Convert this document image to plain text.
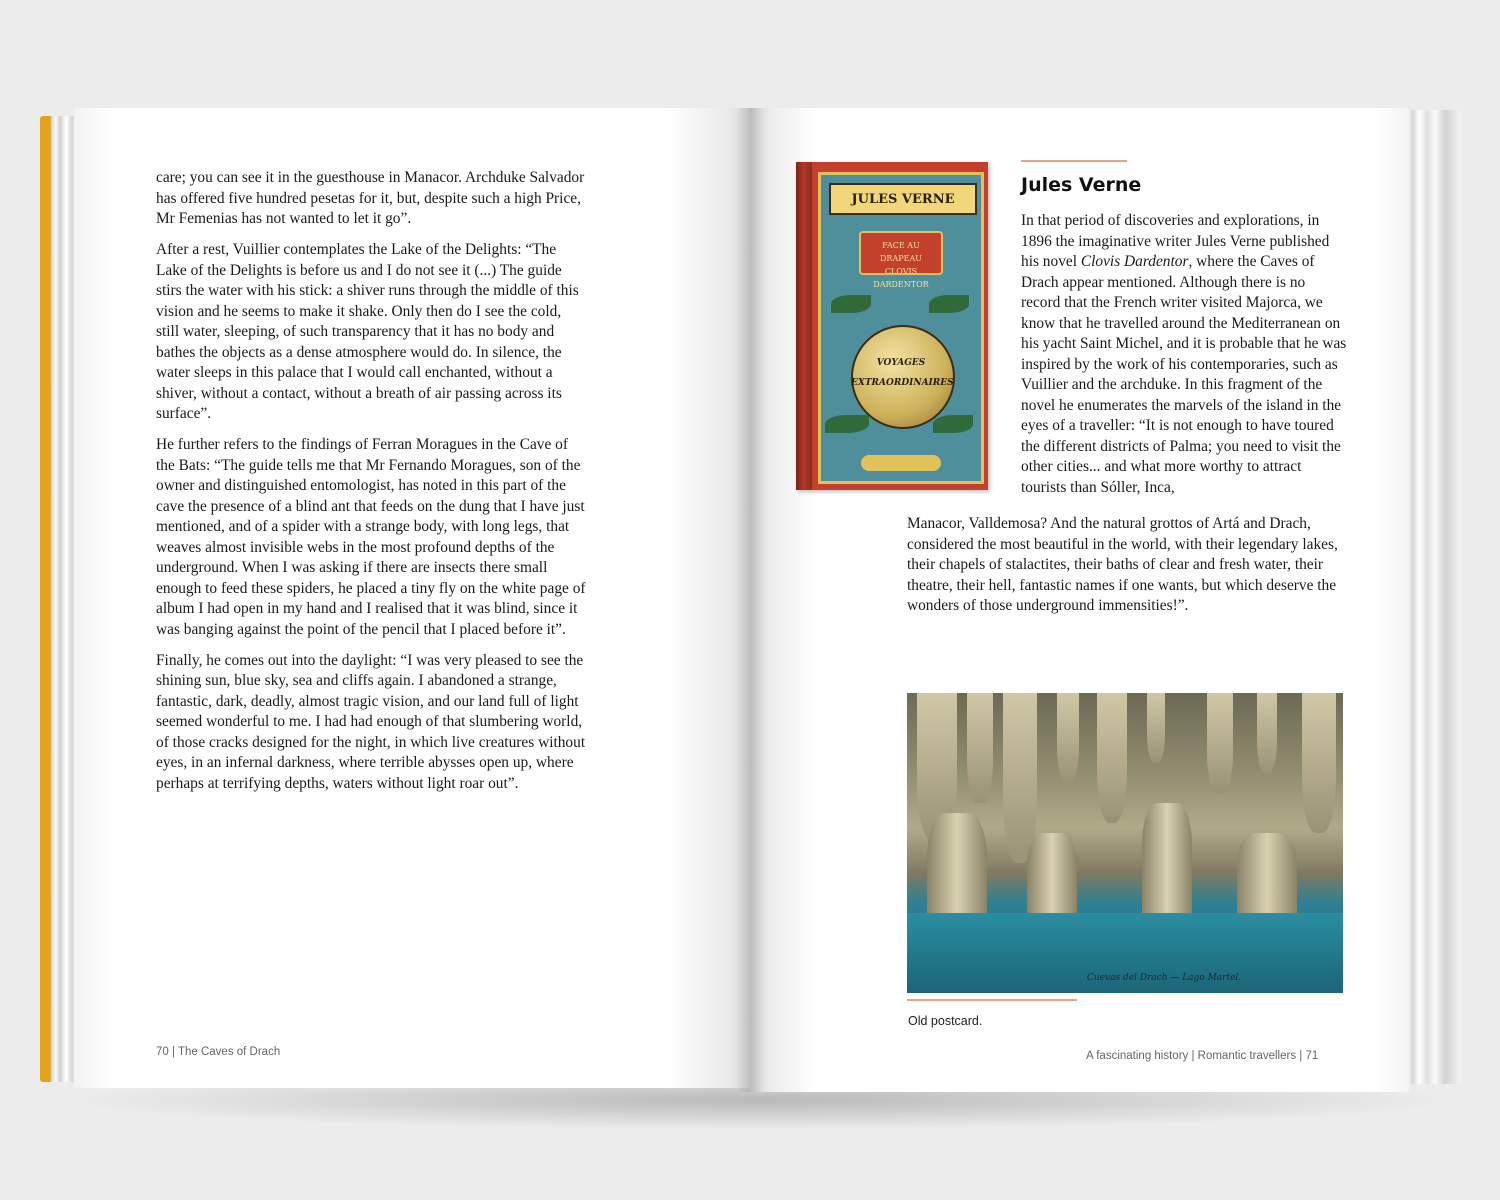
care; you can see it in the guesthouse in Manacor. Archduke Salvador has offered five hundred pesetas for it, but, despite such a high Price, Mr Femenias has not wanted to let it go”.

After a rest, Vuillier contemplates the Lake of the Delights: “The Lake of the Delights is before us and I do not see it (...) The guide stirs the water with his stick: a shiver runs through the middle of this vision and he seems to make it shake. Only then do I see the cold, still water, sleeping, of such transparency that it has no body and bathes the objects as a dense atmosphere would do. In silence, the water sleeps in this palace that I would call enchanted, without a shiver, without a contact, without a breath of air passing across its surface”.

He further refers to the findings of Ferran Moragues in the Cave of the Bats: “The guide tells me that Mr Fernando Moragues, son of the owner and distinguished entomologist, has noted in this part of the cave the presence of a blind ant that feeds on the dung that I have just mentioned, and of a spider with a strange body, with long legs, that weaves almost invisible webs in the most profound depths of the underground. When I was asking if there are insects there small enough to feed these spiders, he placed a tiny fly on the white page of album I had open in my hand and I realised that it was blind, since it was banging against the point of the pencil that I placed before it”.

Finally, he comes out into the daylight: “I was very pleased to see the shining sun, blue sky, sea and cliffs again. I abandoned a strange, fantastic, dark, deadly, almost tragic vision, and our land full of light seemed wonderful to me. I had had enough of that slumbering world, of those cracks designed for the night, in which live creatures without eyes, in an infernal darkness, where terrible abysses open up, where perhaps at terrifying depths, waters without light roar out”.

70 | The Caves of Drach
JULES VERNE
FACE AU DRAPEAU
CLOVIS DARDENTOR
VOYAGES
EXTRAORDINAIRES
Jules Verne
In that period of discoveries and explorations, in 1896 the imaginative writer Jules Verne published his novel Clovis Dardentor, where the Caves of Drach appear mentioned. Although there is no record that the French writer visited Majorca, we know that he travelled around the Mediterranean on his yacht Saint Michel, and it is probable that he was inspired by the work of his contemporaries, such as Vuillier and the archduke. In this fragment of the novel he enumerates the marvels of the island in the eyes of a traveller: “It is not enough to have toured the different districts of Palma; you need to visit the other cities... and what more worthy to attract tourists than Sóller, Inca,
Manacor, Valldemosa? And the natural grottos of Artá and Drach, considered the most beautiful in the world, with their legendary lakes, their chapels of stalactites, their baths of clear and fresh water, their theatre, their hell, fantastic names if one wants, but which deserve the wonders of those underground immensities!”.
Cuevas del Drach — Lago Martel.
Old postcard.
A fascinating history | Romantic travellers | 71
